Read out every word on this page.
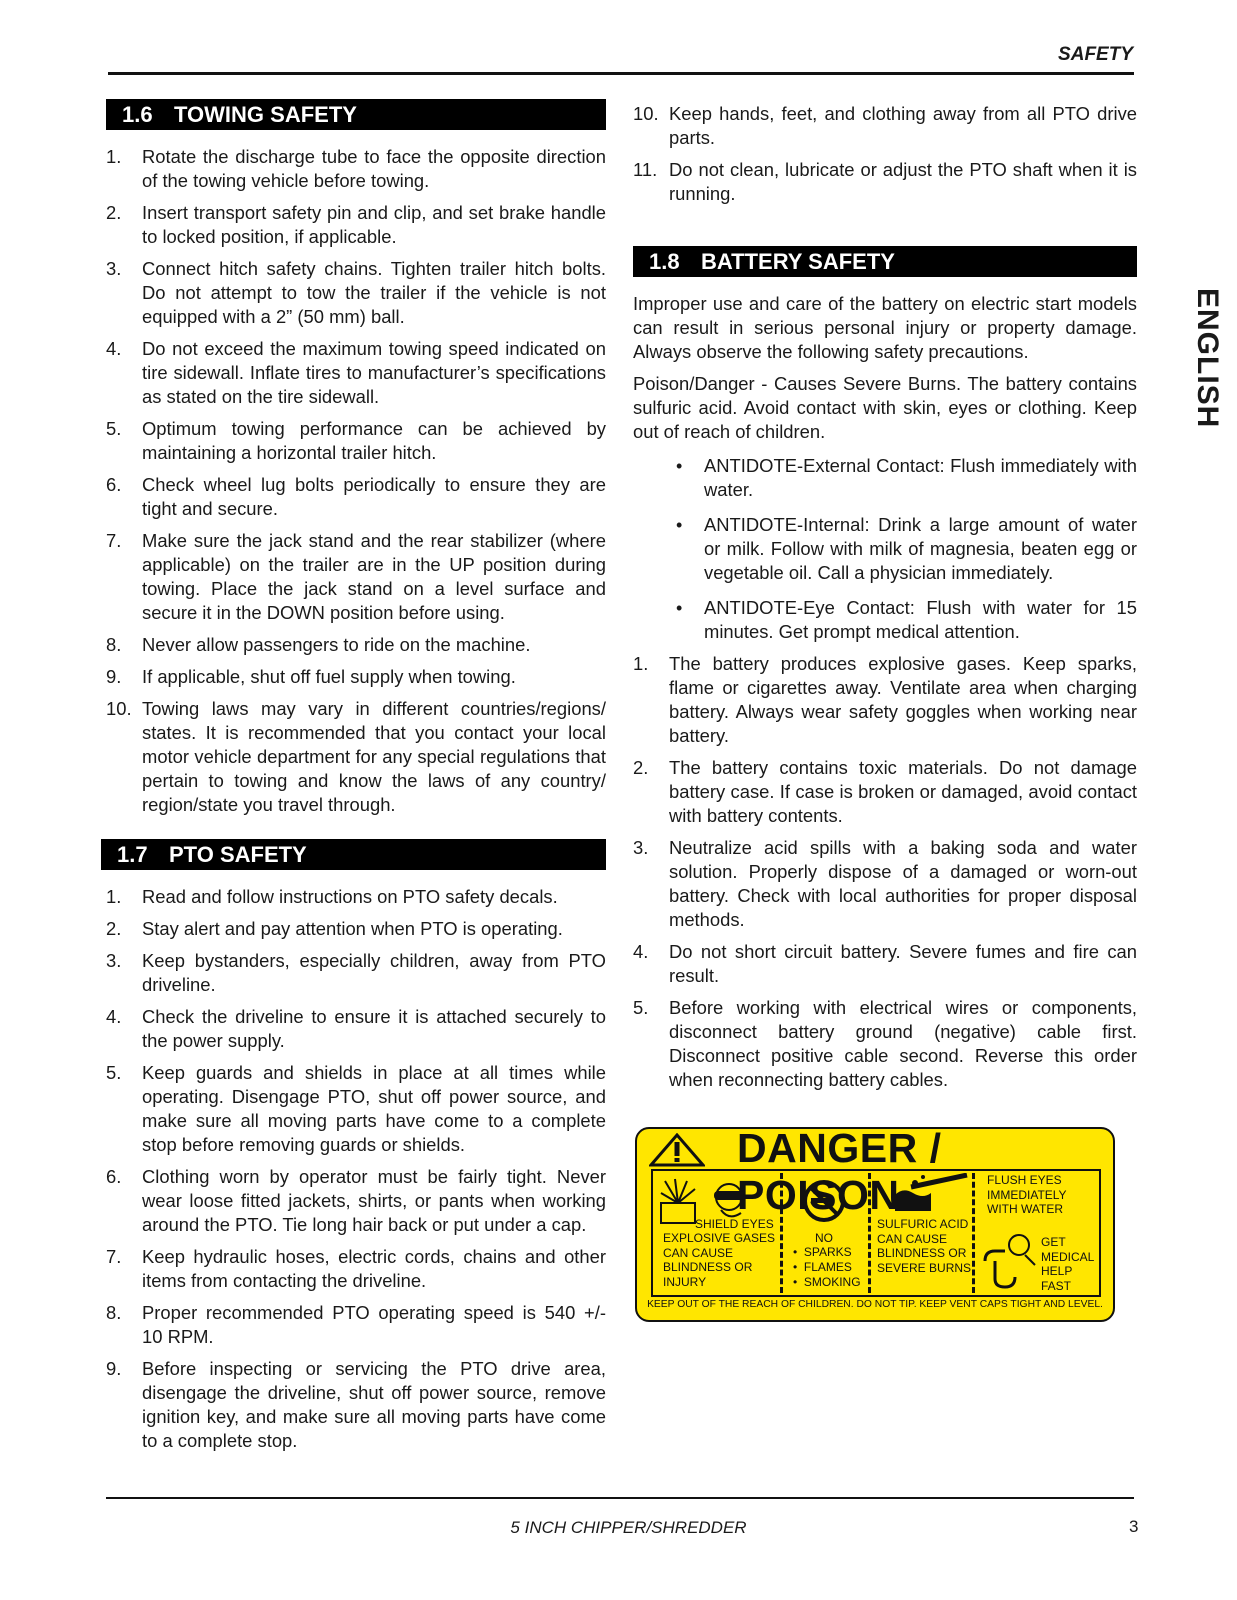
SAFETY
ENGLISH
1.6 TOWING SAFETY
1. Rotate the discharge tube to face the opposite direction of the towing vehicle before towing.
2. Insert transport safety pin and clip, and set brake handle to locked position, if applicable.
3. Connect hitch safety chains. Tighten trailer hitch bolts. Do not attempt to tow the trailer if the vehicle is not equipped with a 2” (50 mm) ball.
4. Do not exceed the maximum towing speed indicated on tire sidewall. Inflate tires to manufacturer’s specifications as stated on the tire sidewall.
5. Optimum towing performance can be achieved by maintaining a horizontal trailer hitch.
6. Check wheel lug bolts periodically to ensure they are tight and secure.
7. Make sure the jack stand and the rear stabilizer (where applicable) on the trailer are in the UP position during towing. Place the jack stand on a level surface and secure it in the DOWN position before using.
8. Never allow passengers to ride on the machine.
9. If applicable, shut off fuel supply when towing.
10. Towing laws may vary in different countries/regions/ states. It is recommended that you contact your local motor vehicle department for any special regulations that pertain to towing and know the laws of any country/ region/state you travel through.
1.7 PTO SAFETY
1. Read and follow instructions on PTO safety decals.
2. Stay alert and pay attention when PTO is operating.
3. Keep bystanders, especially children, away from PTO driveline.
4. Check the driveline to ensure it is attached securely to the power supply.
5. Keep guards and shields in place at all times while operating. Disengage PTO, shut off power source, and make sure all moving parts have come to a complete stop before removing guards or shields.
6. Clothing worn by operator must be fairly tight. Never wear loose fitted jackets, shirts, or pants when working around the PTO. Tie long hair back or put under a cap.
7. Keep hydraulic hoses, electric cords, chains and other items from contacting the driveline.
8. Proper recommended PTO operating speed is 540 +/- 10 RPM.
9. Before inspecting or servicing the PTO drive area, disengage the driveline, shut off power source, remove ignition key, and make sure all moving parts have come to a complete stop.
10. Keep hands, feet, and clothing away from all PTO drive parts.
11. Do not clean, lubricate or adjust the PTO shaft when it is running.
1.8 BATTERY SAFETY

Improper use and care of the battery on electric start models can result in serious personal injury or property damage. Always observe the following safety precautions.

Poison/Danger - Causes Severe Burns. The battery contains sulfuric acid. Avoid contact with skin, eyes or clothing. Keep out of reach of children.

• ANTIDOTE-External Contact: Flush immediately with water.
• ANTIDOTE-Internal: Drink a large amount of water or milk. Follow with milk of magnesia, beaten egg or vegetable oil. Call a physician immediately.
• ANTIDOTE-Eye Contact: Flush with water for 15 minutes. Get prompt medical attention.
1. The battery produces explosive gases. Keep sparks, flame or cigarettes away. Ventilate area when charging battery. Always wear safety goggles when working near battery.
2. The battery contains toxic materials. Do not damage battery case. If case is broken or damaged, avoid contact with battery contents.
3. Neutralize acid spills with a baking soda and water solution. Properly dispose of a damaged or worn-out battery. Check with local authorities for proper disposal methods.
4. Do not short circuit battery. Severe fumes and fire can result.
5. Before working with electrical wires or components, disconnect battery ground (negative) cable first. Disconnect positive cable second. Reverse this order when reconnecting battery cables.
DANGER /
SHIELD EYES
EXPLOSIVE GASES CAN CAUSE BLINDNESS OR INJURY
NO
•  SPARKS
•  FLAMES
•  SMOKING
SULFURIC ACID CAN CAUSE BLINDNESS OR SEVERE BURNS
FLUSH EYES IMMEDIATELY WITH WATER
GET MEDICAL HELP FAST
KEEP OUT OF THE REACH OF CHILDREN. DO NOT TIP. KEEP VENT CAPS TIGHT AND LEVEL.
5 INCH CHIPPER/SHREDDER	3
